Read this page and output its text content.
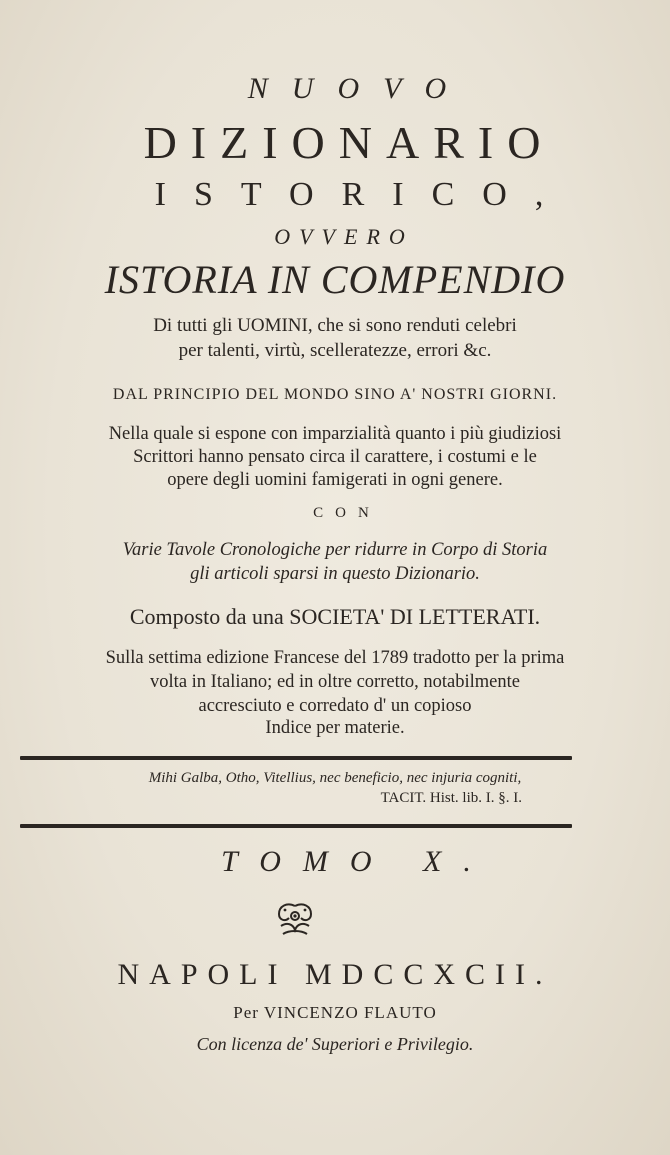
NUOVO
DIZIONARIO
ISTORICO,
OVVERO
ISTORIA IN COMPENDIO
Di tutti gli UOMINI, che si sono renduti celebri
per talenti, virtù, scelleratezze, errori &c.
DAL PRINCIPIO DEL MONDO SINO A' NOSTRI GIORNI.
Nella quale si espone con imparzialità quanto i più giudiziosi
Scrittori hanno pensato circa il carattere, i costumi e le
opere degli uomini famigerati in ogni genere.
CON
Varie Tavole Cronologiche per ridurre in Corpo di Storia
gli articoli sparsi in questo Dizionario.
Composto da una SOCIETA' DI LETTERATI.
Sulla settima edizione Francese del 1789 tradotto per la prima
volta in Italiano; ed in oltre corretto, notabilmente
accresciuto e corredato d' un copioso
Indice per materie.
Mihi Galba, Otho, Vitellius, nec beneficio, nec injuria cogniti,
TACIT. Hist. lib. I. §. I.
TOMO X.
NAPOLI MDCCXCII.
Per VINCENZO FLAUTO
Con licenza de' Superiori e Privilegio.
